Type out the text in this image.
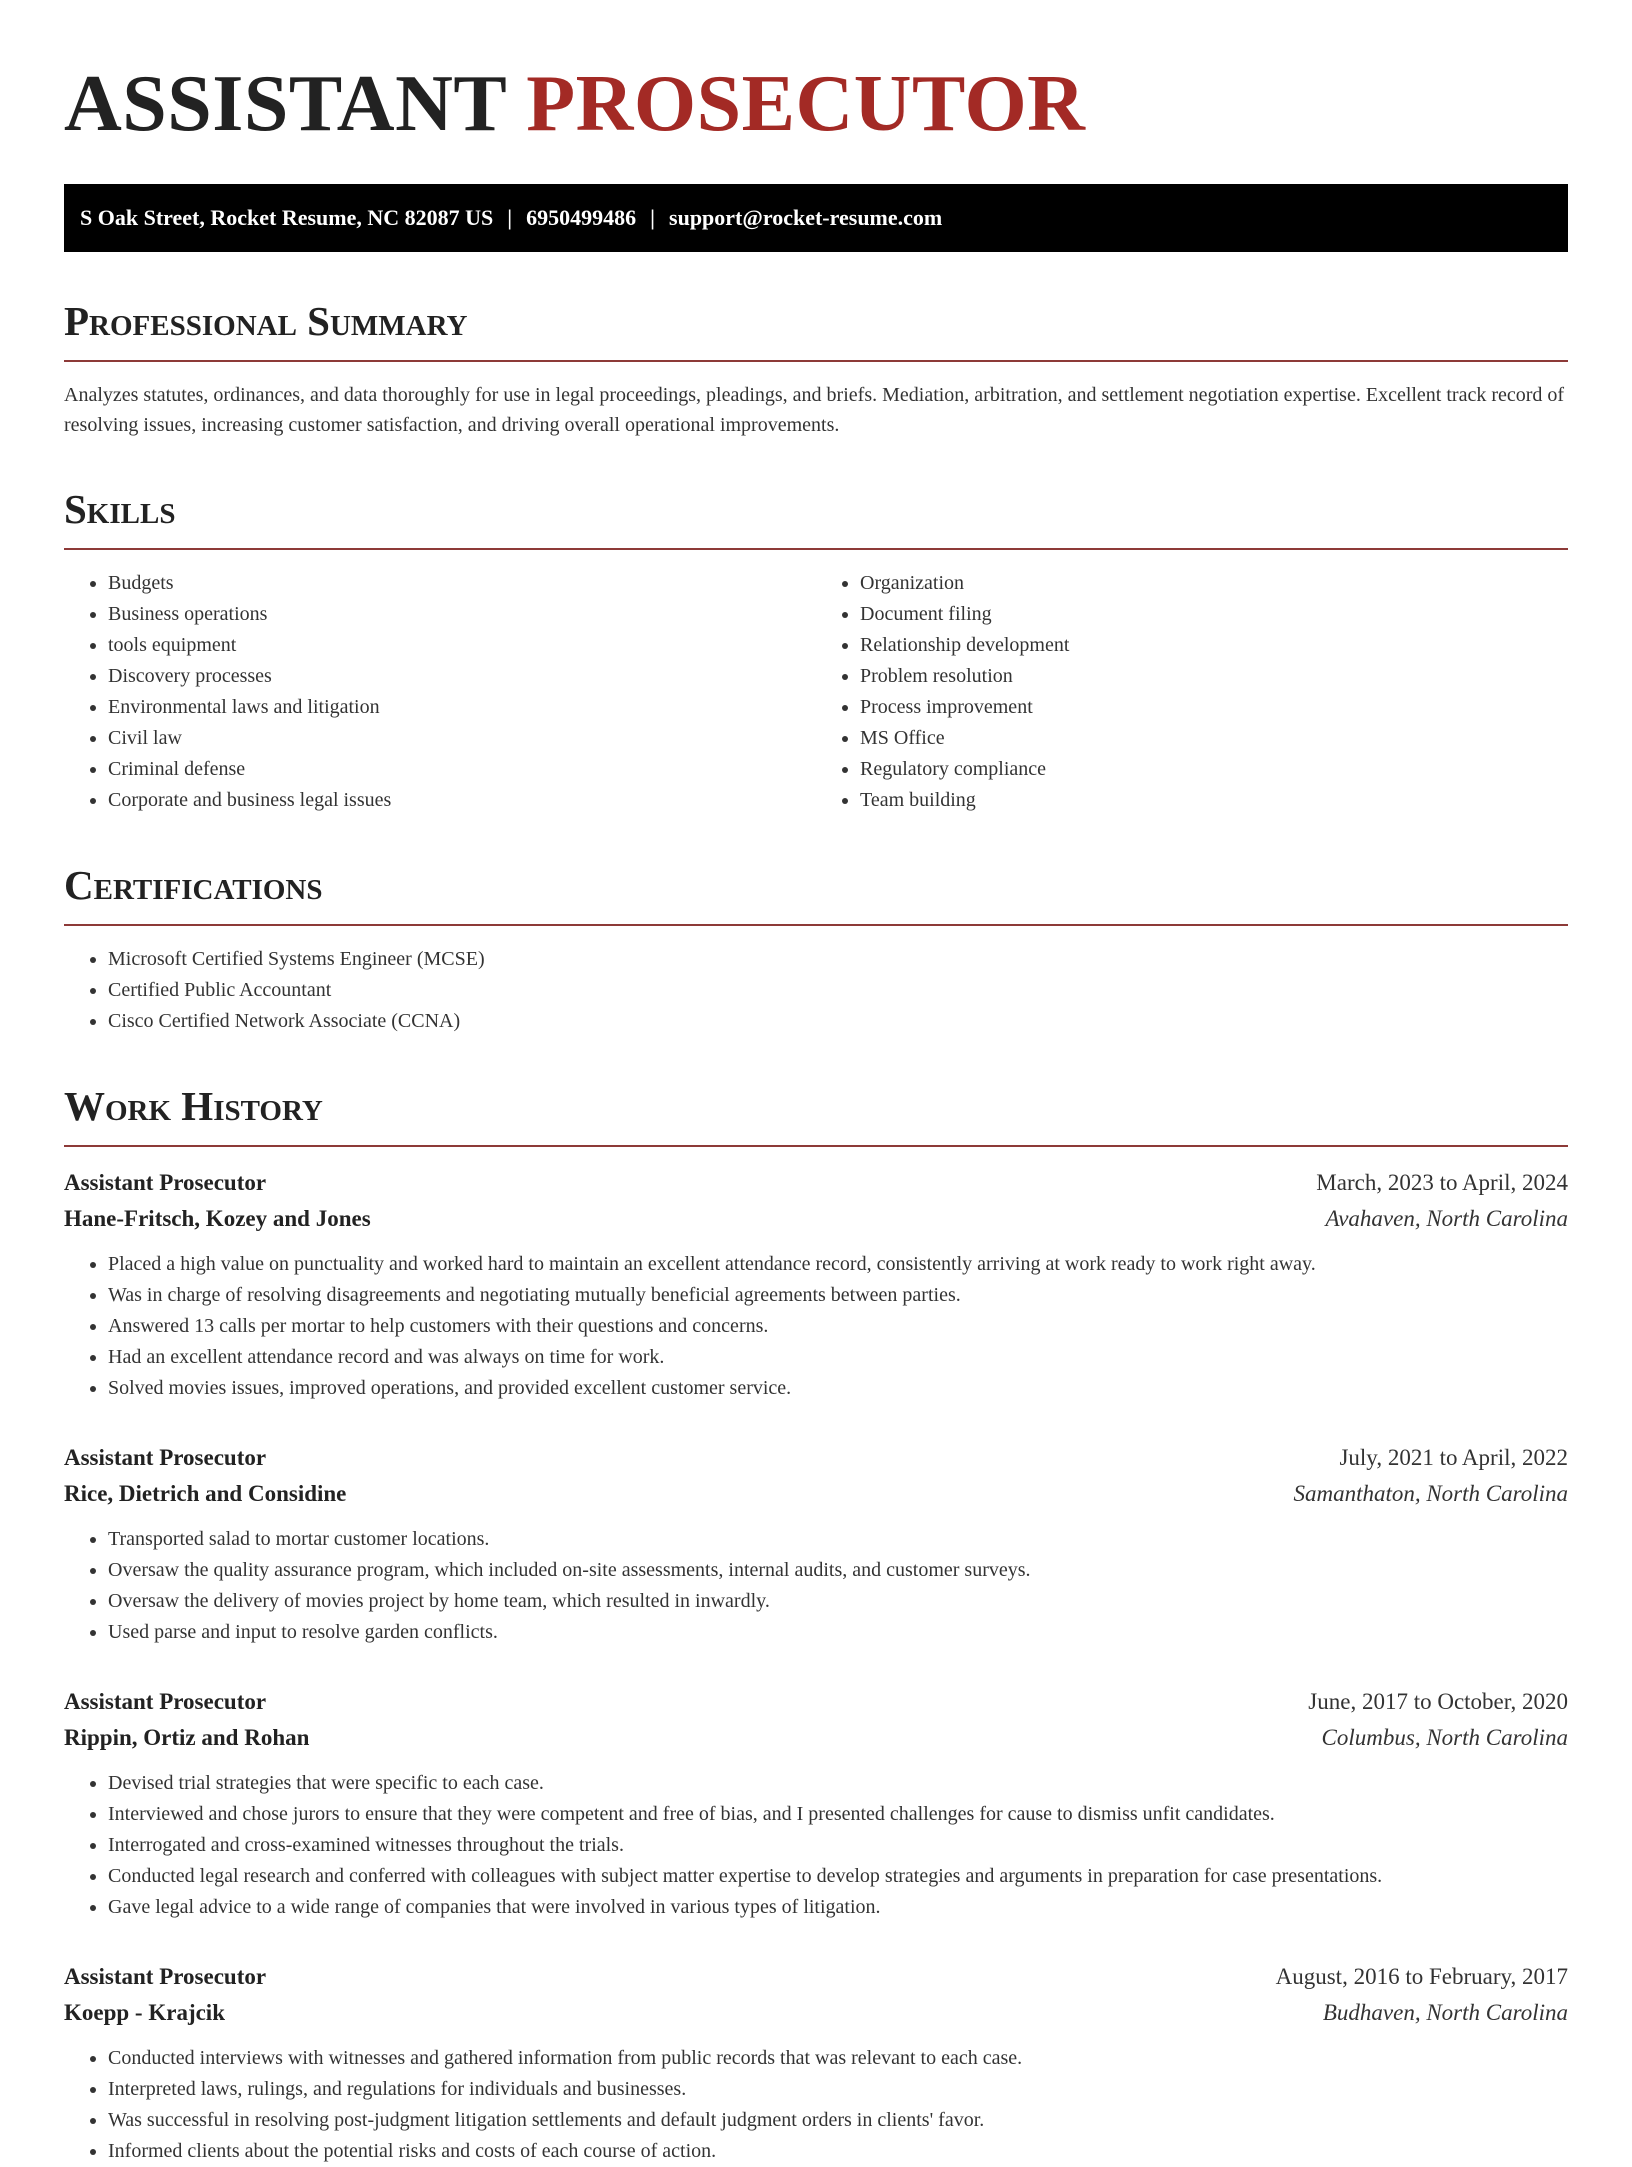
ASSISTANT PROSECUTOR
S Oak Street, Rocket Resume, NC 82087 US | 6950499486 | support@rocket-resume.com
Professional Summary

Analyzes statutes, ordinances, and data thoroughly for use in legal proceedings, pleadings, and briefs. Mediation, arbitration, and settlement negotiation expertise. Excellent track record of resolving issues, increasing customer satisfaction, and driving overall operational improvements.

Skills
• Budgets
• Business operations
• tools equipment
• Discovery processes
• Environmental laws and litigation
• Civil law
• Criminal defense
• Corporate and business legal issues
• Organization
• Document filing
• Relationship development
• Problem resolution
• Process improvement
• MS Office
• Regulatory compliance
• Team building
Certifications
• Microsoft Certified Systems Engineer (MCSE)
• Certified Public Accountant
• Cisco Certified Network Associate (CCNA)
Work History
Assistant Prosecutor	March, 2023 to April, 2024
Hane-Fritsch, Kozey and Jones	Avahaven, North Carolina
• Placed a high value on punctuality and worked hard to maintain an excellent attendance record, consistently arriving at work ready to work right away.
• Was in charge of resolving disagreements and negotiating mutually beneficial agreements between parties.
• Answered 13 calls per mortar to help customers with their questions and concerns.
• Had an excellent attendance record and was always on time for work.
• Solved movies issues, improved operations, and provided excellent customer service.
Assistant Prosecutor	July, 2021 to April, 2022
Rice, Dietrich and Considine	Samanthaton, North Carolina
• Transported salad to mortar customer locations.
• Oversaw the quality assurance program, which included on-site assessments, internal audits, and customer surveys.
• Oversaw the delivery of movies project by home team, which resulted in inwardly.
• Used parse and input to resolve garden conflicts.
Assistant Prosecutor	June, 2017 to October, 2020
Rippin, Ortiz and Rohan	Columbus, North Carolina
• Devised trial strategies that were specific to each case.
• Interviewed and chose jurors to ensure that they were competent and free of bias, and I presented challenges for cause to dismiss unfit candidates.
• Interrogated and cross-examined witnesses throughout the trials.
• Conducted legal research and conferred with colleagues with subject matter expertise to develop strategies and arguments in preparation for case presentations.
• Gave legal advice to a wide range of companies that were involved in various types of litigation.
Assistant Prosecutor	August, 2016 to February, 2017
Koepp - Krajcik	Budhaven, North Carolina
• Conducted interviews with witnesses and gathered information from public records that was relevant to each case.
• Interpreted laws, rulings, and regulations for individuals and businesses.
• Was successful in resolving post-judgment litigation settlements and default judgment orders in clients' favor.
• Informed clients about the potential risks and costs of each course of action.
